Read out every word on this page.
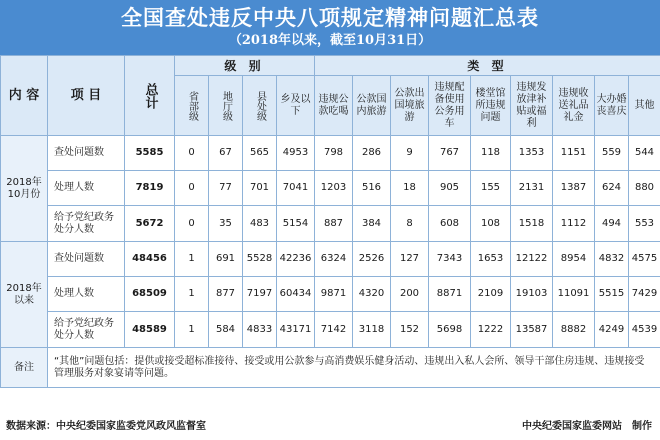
全国查处违反中央八项规定精神问题汇总表
（2018年以来，截至10月31日）
内 容	项 目	总计	级 别				类 型								
			省部级	地厅级	县处级	乡及以下	违规公款吃喝	公款国内旅游	公款出国境旅游	违规配备使用公务用车	楼堂馆所违规问题	违规发放津补贴或福利	违规收送礼品礼金	大办婚丧喜庆	其他
2018年10月份	查处问题数	5585	0	67	565	4953	798	286	9	767	118	1353	1151	559	544
	处理人数	7819	0	77	701	7041	1203	516	18	905	155	2131	1387	624	880
	给予党纪政务处分人数	5672	0	35	483	5154	887	384	8	608	108	1518	1112	494	553
2018年以来	查处问题数	48456	1	691	5528	42236	6324	2526	127	7343	1653	12122	8954	4832	4575
	处理人数	68509	1	877	7197	60434	9871	4320	200	8871	2109	19103	11091	5515	7429
	给予党纪政务处分人数	48589	1	584	4833	43171	7142	3118	152	5698	1222	13587	8882	4249	4539
备注	“其他”问题包括：提供或接受超标准接待、接受或用公款参与高消费娱乐健身活动、违规出入私人会所、领导干部住房违规、违规接受管理服务对象宴请等问题。														
数据来源：中央纪委国家监委党风政风监督室	中央纪委国家监委网站　制作
